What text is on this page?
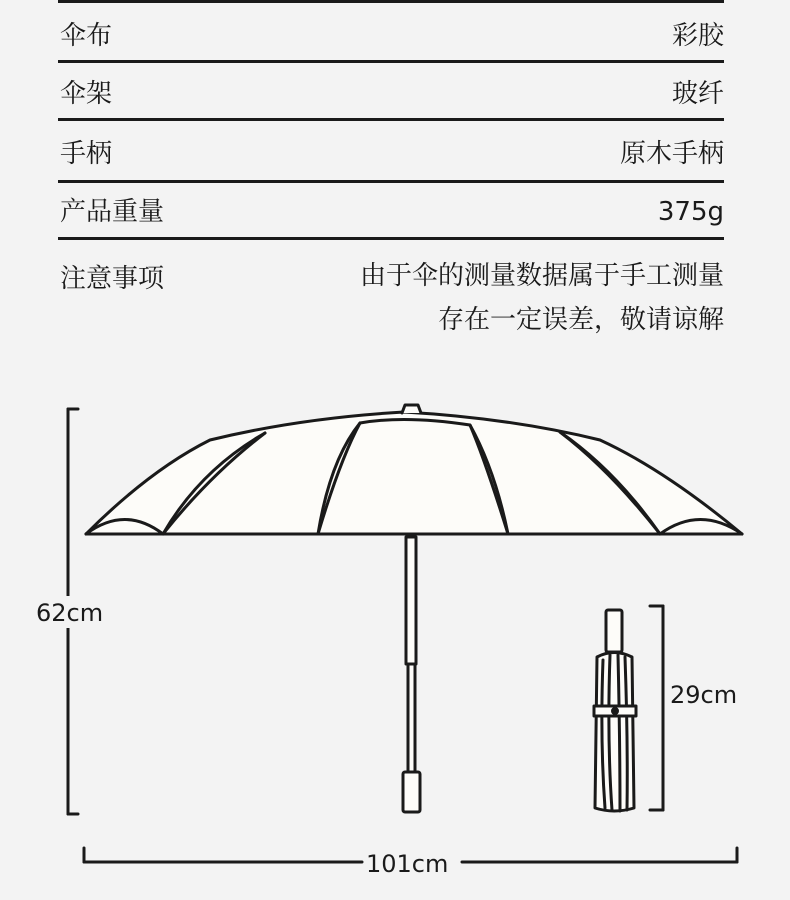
伞布	彩胶
伞架	玻纤
手柄	原木手柄
产品重量	375g
注意事项	由于伞的测量数据属于手工测量
存在一定误差，敬请谅解
62cm
29cm
101cm
